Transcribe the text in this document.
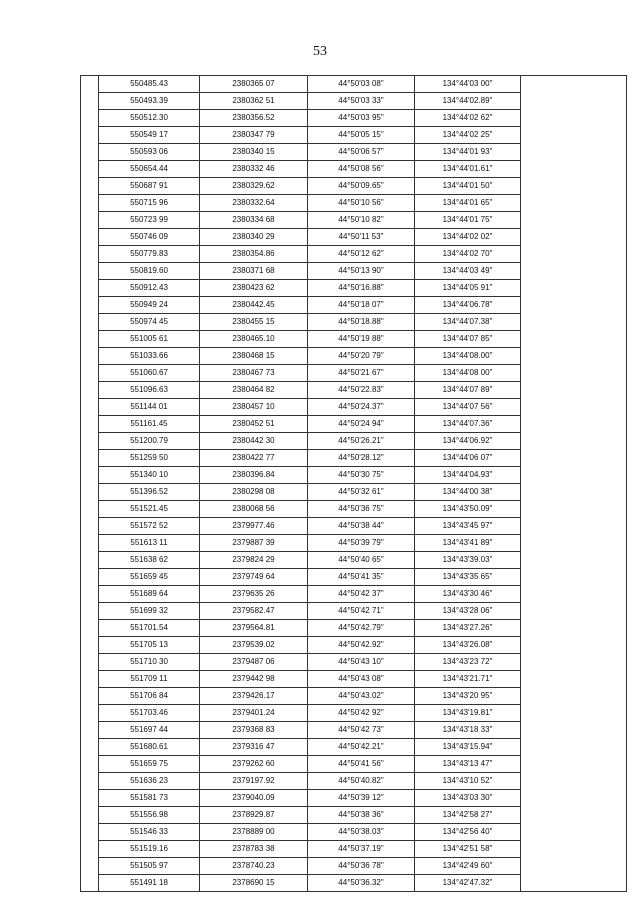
53
	550485.43	2380365 07	44°50'03 08"	134°44'03 00"	
	550493.39	2380362 51	44°50'03 33"	134°44'02.89"	
	550512.30	2380356.52	44°50'03 95"	134°44'02 62"	
	550549 17	2380347 79	44°50'05 15"	134°44'02 25"	
	550593 06	2380340 15	44°50'06 57"	134°44'01 93"	
	550654.44	2380332 46	44°50'08 56"	134°44'01.61"	
	550687 91	2380329.62	44°50'09.65"	134°44'01 50"	
	550715 96	2380332.64	44°50'10 56"	134°44'01 65"	
	550723 99	2380334 68	44°50'10 82"	134°44'01 75"	
	550746 09	2380340 29	44°50'11 53"	134°44'02 02"	
	550779.83	2380354.86	44°50'12 62"	134°44'02 70"	
	550819.60	2380371 68	44°50'13 90"	134°44'03 49"	
	550912.43	2380423 62	44°50'16.88"	134°44'05 91"	
	550949 24	2380442.45	44°50'18 07"	134°44'06.78"	
	550974 45	2380455 15	44°50'18.88"	134°44'07.38"	
	551005 61	2380465.10	44°50'19 88"	134°44'07 85"	
	551033.66	2380468 15	44°50'20 79"	134°44'08.00"	
	551060.67	2380467 73	44°50'21 67"	134°44'08 00"	
	551096.63	2380464 82	44°50'22.83"	134°44'07 89"	
	551144 01	2380457 10	44°50'24.37"	134°44'07 56"	
	551161.45	2380452 51	44°50'24 94"	134°44'07.36"	
	551200.79	2380442 30	44°50'26.21"	134°44'06.92"	
	551259 50	2380422 77	44°50'28.12"	134°44'06 07"	
	551340 10	2380396.84	44°50'30 75"	134°44'04.93"	
	551396.52	2380298 08	44°50'32 61"	134°44'00 38"	
	551521.45	2380068 56	44°50'36 75"	134°43'50.09"	
	551572 52	2379977.46	44°50'38 44"	134°43'45 97"	
	551613 11	2379887 39	44°50'39 79"	134°43'41 89"	
	551638 62	2379824 29	44°50'40 65"	134°43'39.03"	
	551659 45	2379749 64	44°50'41 35"	134°43'35 65"	
	551689 64	2379635 26	44°50'42 37"	134°43'30 46"	
	551699 32	2379582.47	44°50'42 71"	134°43'28 06"	
	551701.54	2379564.81	44°50'42.79"	134°43'27.26"	
	551705 13	2379539.02	44°50'42.92"	134°43'26.08"	
	551710 30	2379487 06	44°50'43 10"	134°43'23 72"	
	551709 11	2379442 98	44°50'43 08"	134°43'21.71"	
	551706 84	2379426.17	44°50'43.02"	134°43'20 95"	
	551703.46	2379401.24	44°50'42 92"	134°43'19.81"	
	551697 44	2379368 83	44°50'42 73"	134°43'18 33"	
	551680.61	2379316 47	44°50'42.21"	134°43'15.94"	
	551659 75	2379262 60	44°50'41 56"	134°43'13 47"	
	551636 23	2379197.92	44°50'40.82"	134°43'10 52"	
	551581 73	2379040.09	44°50'39 12"	134°43'03 30"	
	551556.98	2378929.87	44°50'38 36"	134°42'58 27"	
	551546 33	2378889 00	44°50'38.03"	134°42'56 40"	
	551519.16	2378783 38	44°50'37.19"	134°42'51 58"	
	551505 97	2378740.23	44°50'36 78"	134°42'49 60"	
	551491 18	2378690 15	44°50'36.32"	134°42'47.32"	
